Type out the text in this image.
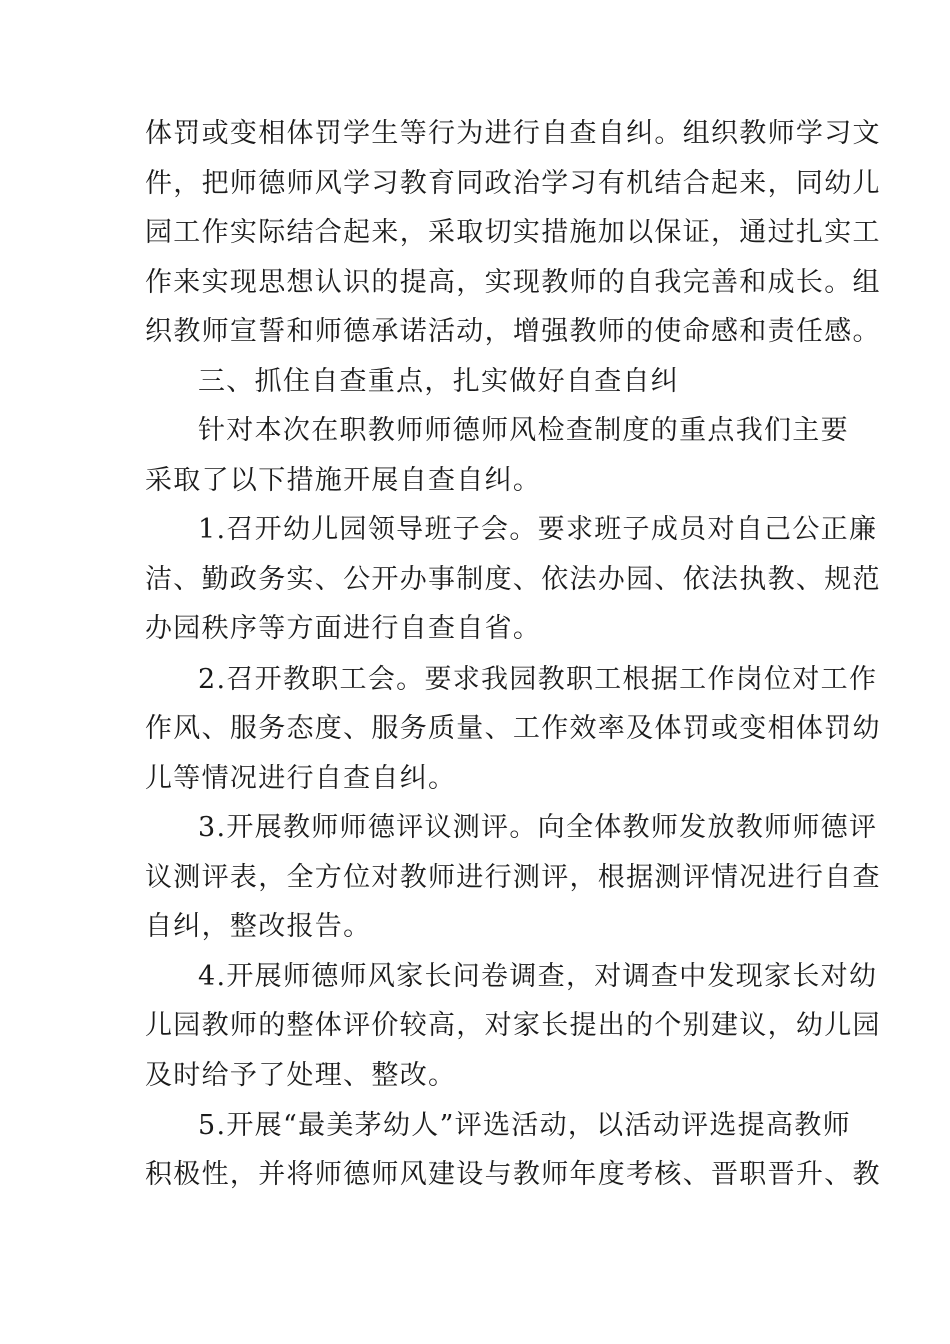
体罚或变相体罚学生等行为进行自查自纠。组织教师学习文
件，把师德师风学习教育同政治学习有机结合起来，同幼儿
园工作实际结合起来，采取切实措施加以保证，通过扎实工
作来实现思想认识的提高，实现教师的自我完善和成长。组
织教师宣誓和师德承诺活动，增强教师的使命感和责任感。
三、抓住自查重点，扎实做好自查自纠
针对本次在职教师师德师风检查制度的重点我们主要
采取了以下措施开展自查自纠。
1.召开幼儿园领导班子会。要求班子成员对自己公正廉
洁、勤政务实、公开办事制度、依法办园、依法执教、规范
办园秩序等方面进行自查自省。
2.召开教职工会。要求我园教职工根据工作岗位对工作
作风、服务态度、服务质量、工作效率及体罚或变相体罚幼
儿等情况进行自查自纠。
3.开展教师师德评议测评。向全体教师发放教师师德评
议测评表，全方位对教师进行测评，根据测评情况进行自查
自纠，整改报告。
4.开展师德师风家长问卷调查，对调查中发现家长对幼
儿园教师的整体评价较高，对家长提出的个别建议，幼儿园
及时给予了处理、整改。
5.开展“最美茅幼人”评选活动，以活动评选提高教师
积极性，并将师德师风建设与教师年度考核、晋职晋升、教
